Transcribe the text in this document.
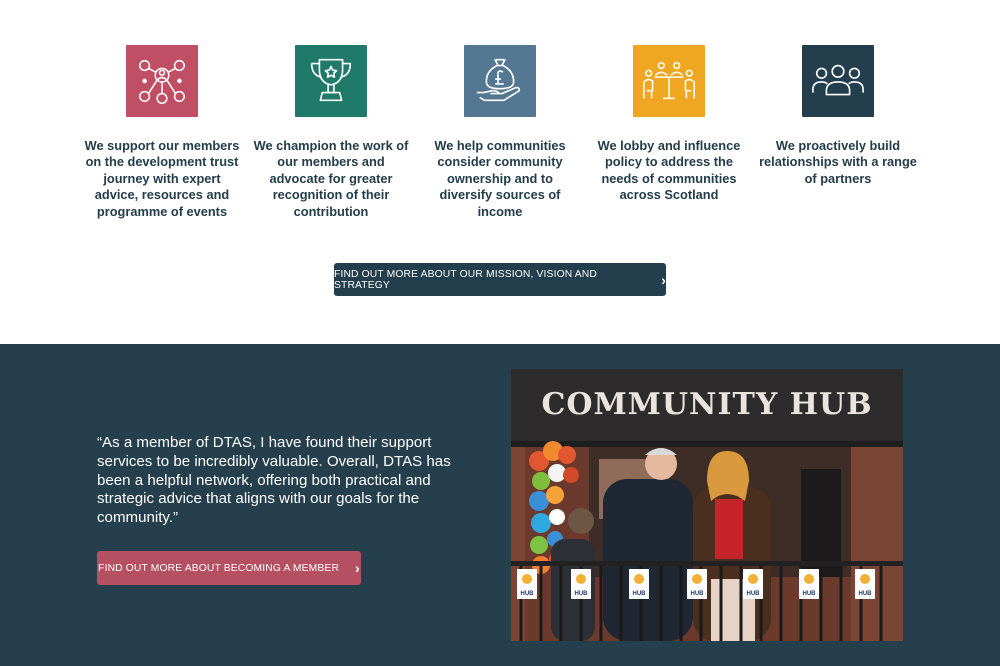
We support our members on the development trust journey with expert advice, resources and programme of events
We champion the work of our members and advocate for greater recognition of their contribution
We help communities consider community ownership and to diversify sources of income
We lobby and influence policy to address the needs of communities across Scotland
We proactively build relationships with a range of partners
FIND OUT MORE ABOUT OUR MISSION, VISION AND STRATEGY	›

“As a member of DTAS, I have found their support services to be incredibly valuable. Overall, DTAS has been a helpful network, offering both practical and strategic advice that aligns with our goals for the community.”

FIND OUT MORE ABOUT BECOMING A MEMBER ›
HUB	HUB	HUB	HUB	HUB	HUB	HUB
COMMUNITY HUB
